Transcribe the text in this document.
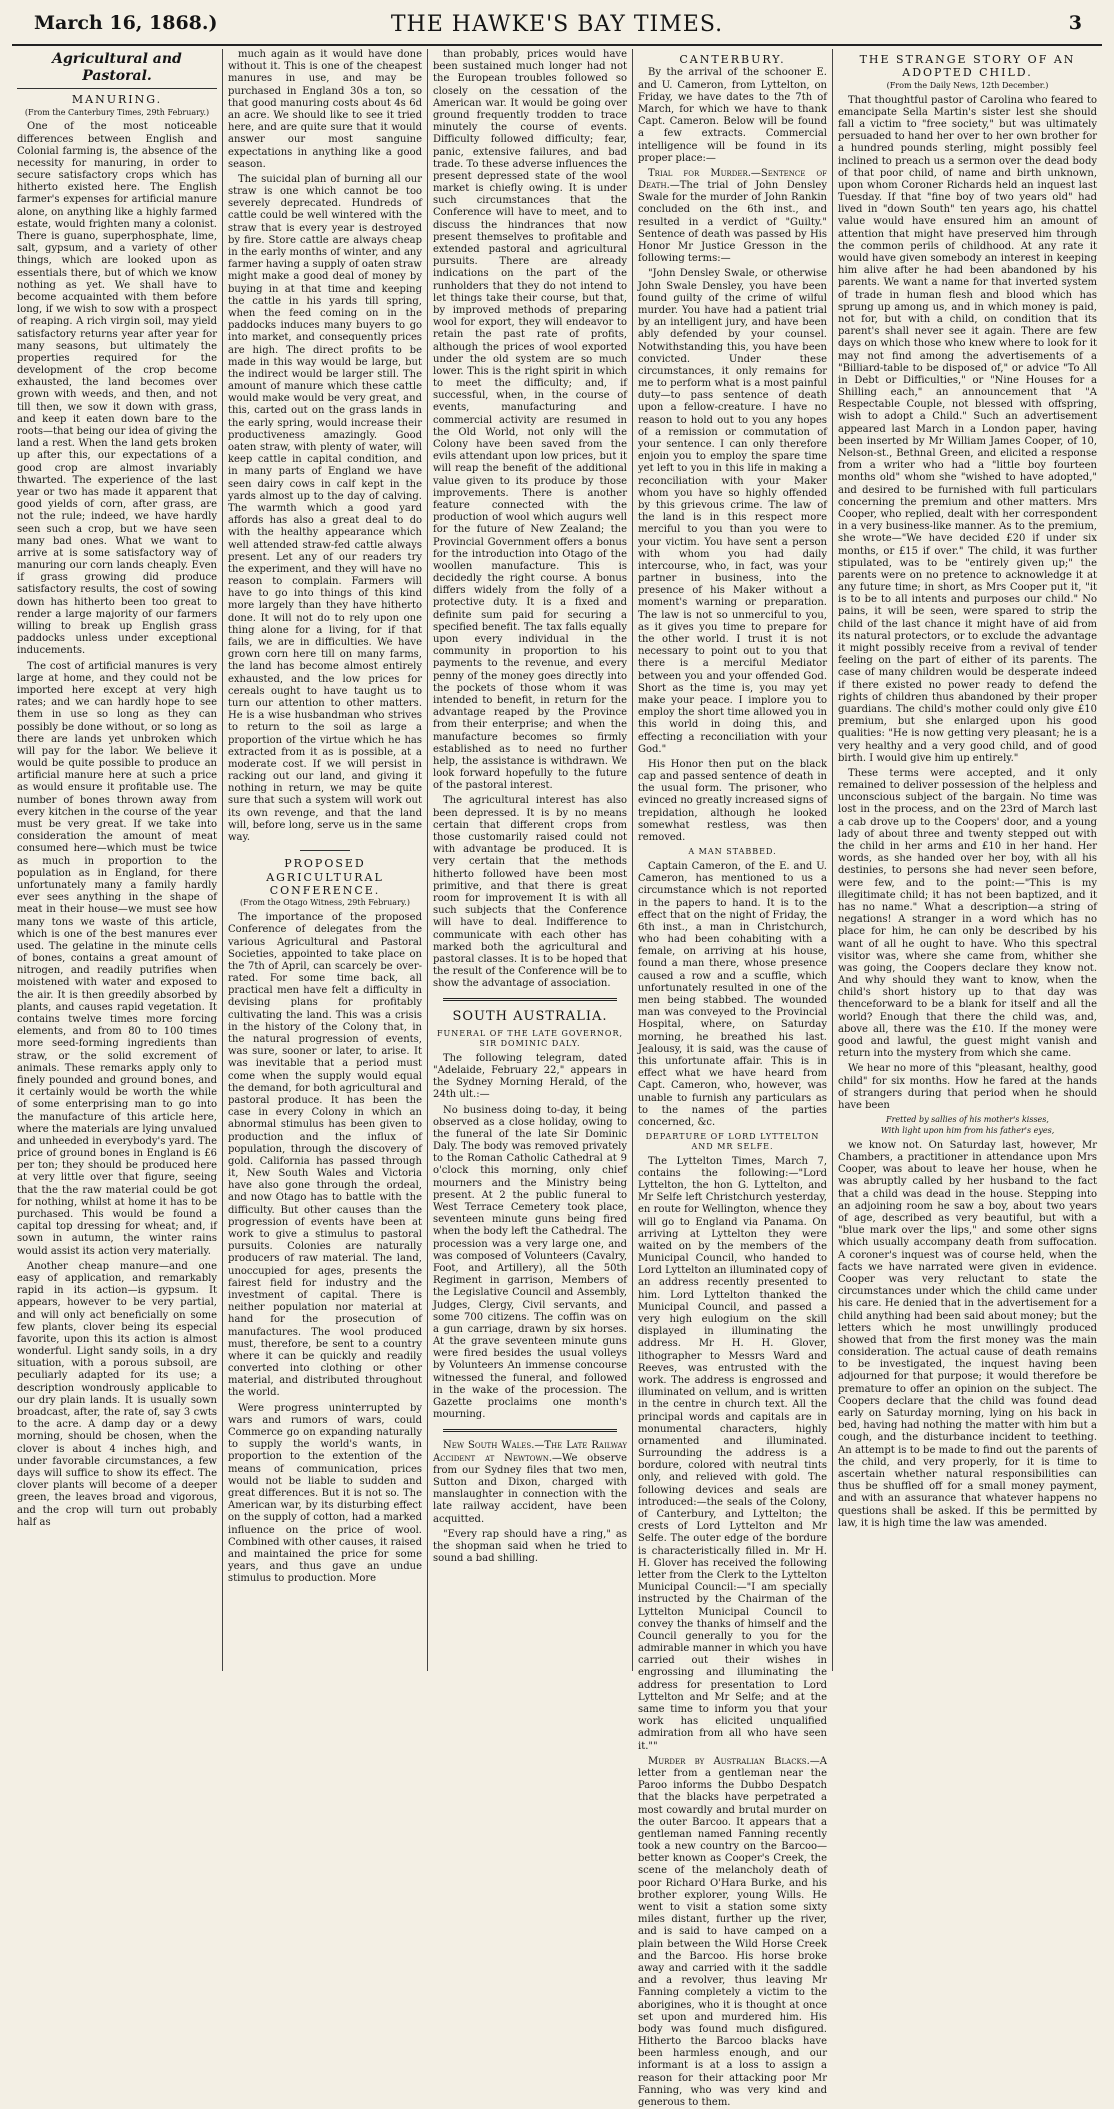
March 16, 1868.)	THE HAWKE'S BAY TIMES.	3
Agricultural and Pastoral.
MANURING.
(From the Canterbury Times, 29th February.)

One of the most noticeable differences between English and Colonial farming is, the absence of the necessity for manuring, in order to secure satisfactory crops which has hitherto existed here. The English farmer's expenses for artificial manure alone, on anything like a highly farmed estate, would frighten many a colonist. There is guano, superphosphate, lime, salt, gypsum, and a variety of other things, which are looked upon as essentials there, but of which we know nothing as yet. We shall have to become acquainted with them before long, if we wish to sow with a prospect of reaping. A rich virgin soil, may yield satisfactory returns year after year for many seasons, but ultimately the properties required for the development of the crop become exhausted, the land becomes over grown with weeds, and then, and not till then, we sow it down with grass, and keep it eaten down bare to the roots—that being our idea of giving the land a rest. When the land gets broken up after this, our expectations of a good crop are almost invariably thwarted. The experience of the last year or two has made it apparent that good yields of corn, after grass, are not the rule; indeed, we have hardly seen such a crop, but we have seen many bad ones. What we want to arrive at is some satisfactory way of manuring our corn lands cheaply. Even if grass growing did produce satisfactory results, the cost of sowing down has hitherto been too great to render a large majority of our farmers willing to break up English grass paddocks unless under exceptional inducements.

The cost of artificial manures is very large at home, and they could not be imported here except at very high rates; and we can hardly hope to see them in use so long as they can possibly be done without, or so long as there are lands yet unbroken which will pay for the labor. We believe it would be quite possible to produce an artificial manure here at such a price as would ensure it profitable use. The number of bones thrown away from every kitchen in the course of the year must be very great. If we take into consideration the amount of meat consumed here—which must be twice as much in proportion to the population as in England, for there unfortunately many a family hardly ever sees anything in the shape of meat in their house—we must see how many tons we waste of this article, which is one of the best manures ever used. The gelatine in the minute cells of bones, contains a great amount of nitrogen, and readily putrifies when moistened with water and exposed to the air. It is then greedily absorbed by plants, and causes rapid vegetation. It contains twelve times more forcing elements, and from 80 to 100 times more seed-forming ingredients than straw, or the solid excrement of animals. These remarks apply only to finely pounded and ground bones, and it certainly would be worth the while of some enterprising man to go into the manufacture of this article here, where the materials are lying unvalued and unheeded in everybody's yard. The price of ground bones in England is £6 per ton; they should be produced here at very little over that figure, seeing that the the raw material could be got for nothing, whilst at home it has to be purchased. This would be found a capital top dressing for wheat; and, if sown in autumn, the winter rains would assist its action very materially.

Another cheap manure—and one easy of application, and remarkably rapid in its action—is gypsum. It appears, however to be very partial, and will only act beneficially on some few plants, clover being its especial favorite, upon this its action is almost wonderful. Light sandy soils, in a dry situation, with a porous subsoil, are peculiarly adapted for its use; a description wondrously applicable to our dry plain lands. It is usually sown broadcast, after, the rate of, say 3 cwts to the acre. A damp day or a dewy morning, should be chosen, when the clover is about 4 inches high, and under favorable circumstances, a few days will suffice to show its effect. The clover plants will become of a deeper green, the leaves broad and vigorous, and the crop will turn out probably half as

much again as it would have done without it. This is one of the cheapest manures in use, and may be purchased in England 30s a ton, so that good manuring costs about 4s 6d an acre. We should like to see it tried here, and are quite sure that it would answer our most sanguine expectations in anything like a good season.

The suicidal plan of burning all our straw is one which cannot be too severely deprecated. Hundreds of cattle could be well wintered with the straw that is every year is destroyed by fire. Store cattle are always cheap in the early months of winter, and any farmer having a supply of oaten straw might make a good deal of money by buying in at that time and keeping the cattle in his yards till spring, when the feed coming on in the paddocks induces many buyers to go into market, and consequently prices are high. The direct profits to be made in this way would be large, but the indirect would be larger still. The amount of manure which these cattle would make would be very great, and this, carted out on the grass lands in the early spring, would increase their productiveness amazingly. Good oaten straw, with plenty of water, will keep cattle in capital condition, and in many parts of England we have seen dairy cows in calf kept in the yards almost up to the day of calving. The warmth which a good yard affords has also a great deal to do with the healthy appearance which well attended straw-fed cattle always present. Let any of our readers try the experiment, and they will have no reason to complain. Farmers will have to go into things of this kind more largely than they have hitherto done. It will not do to rely upon one thing alone for a living, for if that fails, we are in difficulties. We have grown corn here till on many farms, the land has become almost entirely exhausted, and the low prices for cereals ought to have taught us to turn our attention to other matters. He is a wise husbandman who strives to return to the soil as large a proportion of the virtue which he has extracted from it as is possible, at a moderate cost. If we will persist in racking out our land, and giving it nothing in return, we may be quite sure that such a system will work out its own revenge, and that the land will, before long, serve us in the same way.

PROPOSED AGRICULTURAL CONFERENCE.
(From the Otago Witness, 29th February.)

The importance of the proposed Conference of delegates from the various Agricultural and Pastoral Societies, appointed to take place on the 7th of April, can scarcely be over-rated. For some time back, all practical men have felt a difficulty in devising plans for profitably cultivating the land. This was a crisis in the history of the Colony that, in the natural progression of events, was sure, sooner or later, to arise. It was inevitable that a period must come when the supply would equal the demand, for both agricultural and pastoral produce. It has been the case in every Colony in which an abnormal stimulus has been given to production and the influx of population, through the discovery of gold. California has passed through it, New South Wales and Victoria have also gone through the ordeal, and now Otago has to battle with the difficulty. But other causes than the progression of events have been at work to give a stimulus to pastoral pursuits. Colonies are naturally producers of raw material. The land, unoccupied for ages, presents the fairest field for industry and the investment of capital. There is neither population nor material at hand for the prosecution of manufactures. The wool produced must, therefore, be sent to a country where it can be quickly and readily converted into clothing or other material, and distributed throughout the world.

Were progress uninterrupted by wars and rumors of wars, could Commerce go on expanding naturally to supply the world's wants, in proportion to the extention of the means of communication, prices would not be liable to sudden and great differences. But it is not so. The American war, by its disturbing effect on the supply of cotton, had a marked influence on the price of wool. Combined with other causes, it raised and maintained the price for some years, and thus gave an undue stimulus to production. More

than probably, prices would have been sustained much longer had not the European troubles followed so closely on the cessation of the American war. It would be going over ground frequently trodden to trace minutely the course of events. Difficulty followed difficulty; fear, panic, extensive failures, and bad trade. To these adverse influences the present depressed state of the wool market is chiefly owing. It is under such circumstances that the Conference will have to meet, and to discuss the hindrances that now present themselves to profitable and extended pastoral and agricultural pursuits. There are already indications on the part of the runholders that they do not intend to let things take their course, but that, by improved methods of preparing wool for export, they will endeavor to retain the past rate of profits, although the prices of wool exported under the old system are so much lower. This is the right spirit in which to meet the difficulty; and, if successful, when, in the course of events, manufacturing and commercial activity are resumed in the Old World, not only will the Colony have been saved from the evils attendant upon low prices, but it will reap the benefit of the additional value given to its produce by those improvements. There is another feature connected with the production of wool which augurs well for the future of New Zealand; the Provincial Government offers a bonus for the introduction into Otago of the woollen manufacture. This is decidedly the right course. A bonus differs widely from the folly of a protective duty. It is a fixed and definite sum paid for securing a specified benefit. The tax falls equally upon every individual in the community in proportion to his payments to the revenue, and every penny of the money goes directly into the pockets of those whom it was intended to benefit, in return for the advantage reaped by the Province from their enterprise; and when the manufacture becomes so firmly established as to need no further help, the assistance is withdrawn. We look forward hopefully to the future of the pastoral interest.

The agricultural interest has also been depressed. It is by no means certain that different crops from those customarily raised could not with advantage be produced. It is very certain that the methods hitherto followed have been most primitive, and that there is great room for improvement It is with all such subjects that the Conference will have to deal. Indifference to communicate with each other has marked both the agricultural and pastoral classes. It is to be hoped that the result of the Conference will be to show the advantage of association.

SOUTH AUSTRALIA.
FUNERAL OF THE LATE GOVERNOR, SIR DOMINIC DALY.

The following telegram, dated "Adelaide, February 22," appears in the Sydney Morning Herald, of the 24th ult.:—

No business doing to-day, it being observed as a close holiday, owing to the funeral of the late Sir Dominic Daly. The body was removed privately to the Roman Catholic Cathedral at 9 o'clock this morning, only chief mourners and the Ministry being present. At 2 the public funeral to West Terrace Cemetery took place, seventeen minute guns being fired when the body left the Cathedral. The procession was a very large one, and was composed of Volunteers (Cavalry, Foot, and Artillery), all the 50th Regiment in garrison, Members of the Legislative Council and Assembly, Judges, Clergy, Civil servants, and some 700 citizens. The coffin was on a gun carriage, drawn by six horses. At the grave seventeen minute guns were fired besides the usual volleys by Volunteers An immense concourse witnessed the funeral, and followed in the wake of the procession. The Gazette proclaims one month's mourning.

New South Wales.—The Late Railway Accident at Newtown.—We observe from our Sydney files that two men, Sutton and Dixon, charged with manslaughter in connection with the late railway accident, have been acquitted.

"Every rap should have a ring," as the shopman said when he tried to sound a bad shilling.

CANTERBURY.

By the arrival of the schooner E. and U. Cameron, from Lyttelton, on Friday, we have dates to the 7th of March, for which we have to thank Capt. Cameron. Below will be found a few extracts. Commercial intelligence will be found in its proper place:—

Trial for Murder.—Sentence of Death.—The trial of John Densley Swale for the murder of John Rankin concluded on the 6th inst., and resulted in a verdict of "Guilty." Sentence of death was passed by His Honor Mr Justice Gresson in the following terms:—

"John Densley Swale, or otherwise John Swale Densley, you have been found guilty of the crime of wilful murder. You have had a patient trial by an intelligent jury, and have been ably defended by your counsel. Notwithstanding this, you have been convicted. Under these circumstances, it only remains for me to perform what is a most painful duty—to pass sentence of death upon a fellow-creature. I have no reason to hold out to you any hopes of a remission or commutation of your sentence. I can only therefore enjoin you to employ the spare time yet left to you in this life in making a reconciliation with your Maker whom you have so highly offended by this grievous crime. The law of the land is in this respect more merciful to you than you were to your victim. You have sent a person with whom you had daily intercourse, who, in fact, was your partner in business, into the presence of his Maker without a moment's warning or preparation. The law is not so unmerciful to you, as it gives you time to prepare for the other world. I trust it is not necessary to point out to you that there is a merciful Mediator between you and your offended God. Short as the time is, you may yet make your peace. I implore you to employ the short time allowed you in this world in doing this, and effecting a reconciliation with your God."

His Honor then put on the black cap and passed sentence of death in the usual form. The prisoner, who evinced no greatly increased signs of trepidation, although he looked somewhat restless, was then removed.

A MAN STABBED.

Captain Cameron, of the E. and U. Cameron, has mentioned to us a circumstance which is not reported in the papers to hand. It is to the effect that on the night of Friday, the 6th inst., a man in Christchurch, who had been cohabiting with a female, on arriving at his house, found a man there, whose presence caused a row and a scuffle, which unfortunately resulted in one of the men being stabbed. The wounded man was conveyed to the Provincial Hospital, where, on Saturday morning, he breathed his last. Jealousy, it is said, was the cause of this unfortunate affair. This is in effect what we have heard from Capt. Cameron, who, however, was unable to furnish any particulars as to the names of the parties concerned, &c.

DEPARTURE OF LORD LYTTELTON AND MR SELFE.

The Lyttelton Times, March 7, contains the following:—"Lord Lyttelton, the hon G. Lyttelton, and Mr Selfe left Christchurch yesterday, en route for Wellington, whence they will go to England via Panama. On arriving at Lyttelton they were waited on by the members of the Municipal Council, who handed to Lord Lyttelton an illuminated copy of an address recently presented to him. Lord Lyttelton thanked the Municipal Council, and passed a very high eulogium on the skill displayed in illuminating the address. Mr H. H. Glover, lithographer to Messrs Ward and Reeves, was entrusted with the work. The address is engrossed and illuminated on vellum, and is written in the centre in church text. All the principal words and capitals are in monumental characters, highly ornamented and illuminated. Surrounding the address is a bordure, colored with neutral tints only, and relieved with gold. The following devices and seals are introduced:—the seals of the Colony, of Canterbury, and Lyttelton; the crests of Lord Lyttelton and Mr Selfe. The outer edge of the bordure is characteristically filled in. Mr H. H. Glover has received the following letter from the Clerk to the Lyttelton Municipal Council:—"I am specially instructed by the Chairman of the Lyttelton Municipal Council to convey the thanks of himself and the Council generally to you for the admirable manner in which you have carried out their wishes in engrossing and illuminating the address for presentation to Lord Lyttelton and Mr Selfe; and at the same time to inform you that your work has elicited unqualified admiration from all who have seen it.""

Murder by Australian Blacks.—A letter from a gentleman near the Paroo informs the Dubbo Despatch that the blacks have perpetrated a most cowardly and brutal murder on the outer Barcoo. It appears that a gentleman named Fanning recently took a new country on the Barcoo—better known as Cooper's Creek, the scene of the melancholy death of poor Richard O'Hara Burke, and his brother explorer, young Wills. He went to visit a station some sixty miles distant, further up the river, and is said to have camped on a plain between the Wild Horse Creek and the Barcoo. His horse broke away and carried with it the saddle and a revolver, thus leaving Mr Fanning completely a victim to the aborigines, who it is thought at once set upon and murdered him. His body was found much disfigured. Hitherto the Barcoo blacks have been harmless enough, and our informant is at a loss to assign a reason for their attacking poor Mr Fanning, who was very kind and generous to them.

THE STRANGE STORY OF AN ADOPTED CHILD.
(From the Daily News, 12th December.)

That thoughtful pastor of Carolina who feared to emancipate Sella Martin's sister lest she should fall a victim to "free society," but was ultimately persuaded to hand her over to her own brother for a hundred pounds sterling, might possibly feel inclined to preach us a sermon over the dead body of that poor child, of name and birth unknown, upon whom Coroner Richards held an inquest last Tuesday. If that "fine boy of two years old" had lived in "down South" ten years ago, his chattel value would have ensured him an amount of attention that might have preserved him through the common perils of childhood. At any rate it would have given somebody an interest in keeping him alive after he had been abandoned by his parents. We want a name for that inverted system of trade in human flesh and blood which has sprung up among us, and in which money is paid, not for, but with a child, on condition that its parent's shall never see it again. There are few days on which those who knew where to look for it may not find among the advertisements of a "Billiard-table to be disposed of," or advice "To All in Debt or Difficulties," or "Nine Houses for a Shilling each," an announcement that "A Respectable Couple, not blessed with offspring, wish to adopt a Child." Such an advertisement appeared last March in a London paper, having been inserted by Mr William James Cooper, of 10, Nelson-st., Bethnal Green, and elicited a response from a writer who had a "little boy fourteen months old" whom she "wished to have adopted," and desired to be furnished with full particulars concerning the premium and other matters. Mrs Cooper, who replied, dealt with her correspondent in a very business-like manner. As to the premium, she wrote—"We have decided £20 if under six months, or £15 if over." The child, it was further stipulated, was to be "entirely given up;" the parents were on no pretence to acknowledge it at any future time; in short, as Mrs Cooper put it, "it is to be to all intents and purposes our child." No pains, it will be seen, were spared to strip the child of the last chance it might have of aid from its natural protectors, or to exclude the advantage it might possibly receive from a revival of tender feeling on the part of either of its parents. The case of many children would be desperate indeed if there existed no power ready to defend the rights of children thus abandoned by their proper guardians. The child's mother could only give £10 premium, but she enlarged upon his good qualities: "He is now getting very pleasant; he is a very healthy and a very good child, and of good birth. I would give him up entirely."

These terms were accepted, and it only remained to deliver possession of the helpless and unconscious subject of the bargain. No time was lost in the process, and on the 23rd of March last a cab drove up to the Coopers' door, and a young lady of about three and twenty stepped out with the child in her arms and £10 in her hand. Her words, as she handed over her boy, with all his destinies, to persons she had never seen before, were few, and to the point:—"This is my illegitimate child; it has not been baptized, and it has no name." What a description—a string of negations! A stranger in a word which has no place for him, he can only be described by his want of all he ought to have. Who this spectral visitor was, where she came from, whither she was going, the Coopers declare they know not. And why should they want to know, when the child's short history up to that day was thenceforward to be a blank for itself and all the world? Enough that there the child was, and, above all, there was the £10. If the money were good and lawful, the guest might vanish and return into the mystery from which she came.

We hear no more of this "pleasant, healthy, good child" for six months. How he fared at the hands of strangers during that period when he should have been

Fretted by sallies of his mother's kisses,
With light upon him from his father's eyes,

we know not. On Saturday last, however, Mr Chambers, a practitioner in attendance upon Mrs Cooper, was about to leave her house, when he was abruptly called by her husband to the fact that a child was dead in the house. Stepping into an adjoining room he saw a boy, about two years of age, described as very beautiful, but with a "blue mark over the lips," and some other signs which usually accompany death from suffocation. A coroner's inquest was of course held, when the facts we have narrated were given in evidence. Cooper was very reluctant to state the circumstances under which the child came under his care. He denied that in the advertisement for a child anything had been said about money; but the letters which he most unwillingly produced showed that from the first money was the main consideration. The actual cause of death remains to be investigated, the inquest having been adjourned for that purpose; it would therefore be premature to offer an opinion on the subject. The Coopers declare that the child was found dead early on Saturday morning, lying on his back in bed, having had nothing the matter with him but a cough, and the disturbance incident to teething. An attempt is to be made to find out the parents of the child, and very properly, for it is time to ascertain whether natural responsibilities can thus be shuffled off for a small money payment, and with an assurance that whatever happens no questions shall be asked. If this be permitted by law, it is high time the law was amended.
